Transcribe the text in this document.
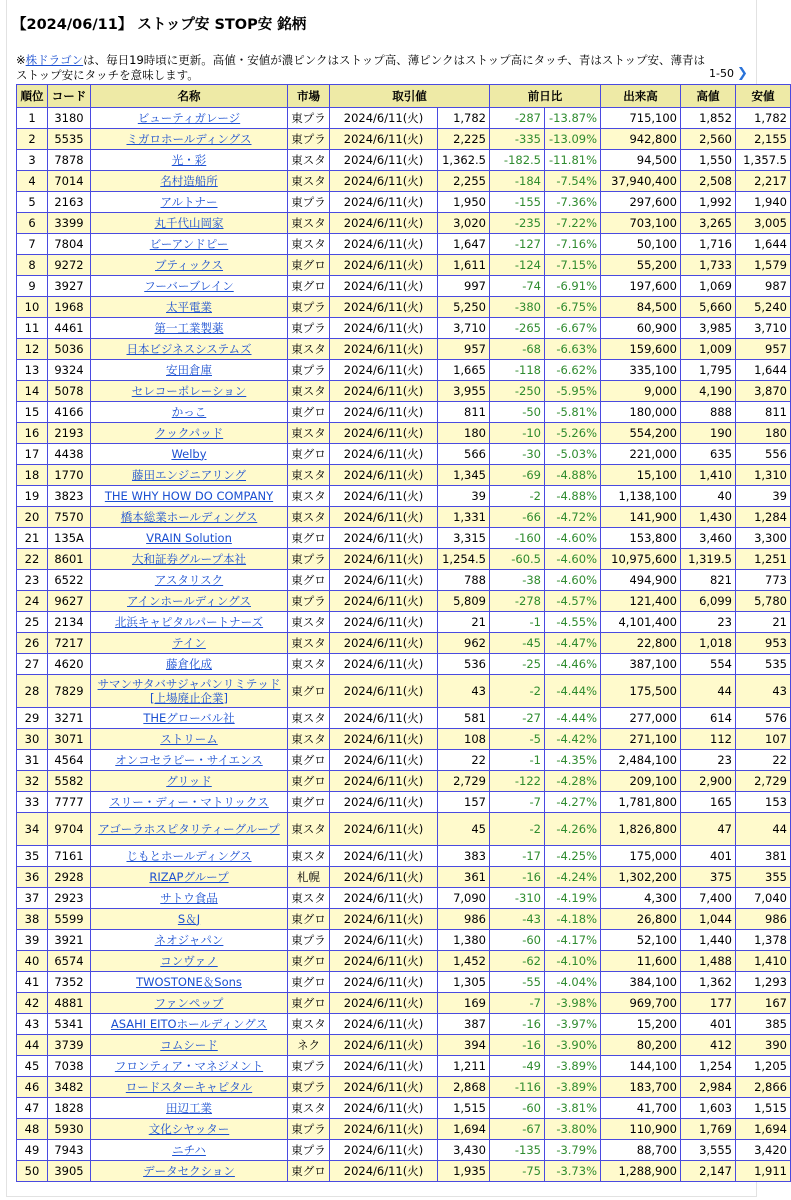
【2024/06/11】 ストップ安 STOP安 銘柄
※株ドラゴンは、毎日19時頃に更新。高値・安値が濃ピンクはストップ高、薄ピンクはストップ高にタッチ、青はストップ安、薄青はストップ安にタッチを意味します。	1-50 ❯
順位	コード	名称	市場	取引値		前日比		出来高	高値	安値
1	3180	ビューティガレージ	東プラ	2024/6/11(火)	1,782	-287	-13.87%	715,100	1,852	1,782
2	5535	ミガロホールディングス	東プラ	2024/6/11(火)	2,225	-335	-13.09%	942,800	2,560	2,155
3	7878	光・彩	東スタ	2024/6/11(火)	1,362.5	-182.5	-11.81%	94,500	1,550	1,357.5
4	7014	名村造船所	東スタ	2024/6/11(火)	2,255	-184	-7.54%	37,940,400	2,508	2,217
5	2163	アルトナー	東プラ	2024/6/11(火)	1,950	-155	-7.36%	297,600	1,992	1,940
6	3399	丸千代山岡家	東スタ	2024/6/11(火)	3,020	-235	-7.22%	703,100	3,265	3,005
7	7804	ビーアンドピー	東スタ	2024/6/11(火)	1,647	-127	-7.16%	50,100	1,716	1,644
8	9272	ブティックス	東グロ	2024/6/11(火)	1,611	-124	-7.15%	55,200	1,733	1,579
9	3927	フーバーブレイン	東グロ	2024/6/11(火)	997	-74	-6.91%	197,600	1,069	987
10	1968	太平電業	東プラ	2024/6/11(火)	5,250	-380	-6.75%	84,500	5,660	5,240
11	4461	第一工業製薬	東プラ	2024/6/11(火)	3,710	-265	-6.67%	60,900	3,985	3,710
12	5036	日本ビジネスシステムズ	東スタ	2024/6/11(火)	957	-68	-6.63%	159,600	1,009	957
13	9324	安田倉庫	東プラ	2024/6/11(火)	1,665	-118	-6.62%	335,100	1,795	1,644
14	5078	セレコーポレーション	東スタ	2024/6/11(火)	3,955	-250	-5.95%	9,000	4,190	3,870
15	4166	かっこ	東グロ	2024/6/11(火)	811	-50	-5.81%	180,000	888	811
16	2193	クックパッド	東スタ	2024/6/11(火)	180	-10	-5.26%	554,200	190	180
17	4438	Welby	東グロ	2024/6/11(火)	566	-30	-5.03%	221,000	635	556
18	1770	藤田エンジニアリング	東スタ	2024/6/11(火)	1,345	-69	-4.88%	15,100	1,410	1,310
19	3823	THE WHY HOW DO COMPANY	東スタ	2024/6/11(火)	39	-2	-4.88%	1,138,100	40	39
20	7570	橋本総業ホールディングス	東スタ	2024/6/11(火)	1,331	-66	-4.72%	141,900	1,430	1,284
21	135A	VRAIN Solution	東グロ	2024/6/11(火)	3,315	-160	-4.60%	153,800	3,460	3,300
22	8601	大和証券グループ本社	東プラ	2024/6/11(火)	1,254.5	-60.5	-4.60%	10,975,600	1,319.5	1,251
23	6522	アスタリスク	東グロ	2024/6/11(火)	788	-38	-4.60%	494,900	821	773
24	9627	アインホールディングス	東プラ	2024/6/11(火)	5,809	-278	-4.57%	121,400	6,099	5,780
25	2134	北浜キャピタルパートナーズ	東スタ	2024/6/11(火)	21	-1	-4.55%	4,101,400	23	21
26	7217	テイン	東スタ	2024/6/11(火)	962	-45	-4.47%	22,800	1,018	953
27	4620	藤倉化成	東スタ	2024/6/11(火)	536	-25	-4.46%	387,100	554	535
28	7829	サマンサタバサジャパンリミテッド[上場廃止企業]	東グロ	2024/6/11(火)	43	-2	-4.44%	175,500	44	43
29	3271	THEグローバル社	東スタ	2024/6/11(火)	581	-27	-4.44%	277,000	614	576
30	3071	ストリーム	東スタ	2024/6/11(火)	108	-5	-4.42%	271,100	112	107
31	4564	オンコセラピー・サイエンス	東グロ	2024/6/11(火)	22	-1	-4.35%	2,484,100	23	22
32	5582	グリッド	東グロ	2024/6/11(火)	2,729	-122	-4.28%	209,100	2,900	2,729
33	7777	スリー・ディー・マトリックス	東グロ	2024/6/11(火)	157	-7	-4.27%	1,781,800	165	153
34	9704	アゴーラホスピタリティーグループ	東スタ	2024/6/11(火)	45	-2	-4.26%	1,826,800	47	44
35	7161	じもとホールディングス	東スタ	2024/6/11(火)	383	-17	-4.25%	175,000	401	381
36	2928	RIZAPグループ	札幌	2024/6/11(火)	361	-16	-4.24%	1,302,200	375	355
37	2923	サトウ食品	東スタ	2024/6/11(火)	7,090	-310	-4.19%	4,300	7,400	7,040
38	5599	S＆J	東グロ	2024/6/11(火)	986	-43	-4.18%	26,800	1,044	986
39	3921	ネオジャパン	東プラ	2024/6/11(火)	1,380	-60	-4.17%	52,100	1,440	1,378
40	6574	コンヴァノ	東グロ	2024/6/11(火)	1,452	-62	-4.10%	11,600	1,488	1,410
41	7352	TWOSTONE＆Sons	東グロ	2024/6/11(火)	1,305	-55	-4.04%	384,100	1,362	1,293
42	4881	ファンペップ	東グロ	2024/6/11(火)	169	-7	-3.98%	969,700	177	167
43	5341	ASAHI EITOホールディングス	東スタ	2024/6/11(火)	387	-16	-3.97%	15,200	401	385
44	3739	コムシード	ネク	2024/6/11(火)	394	-16	-3.90%	80,200	412	390
45	7038	フロンティア・マネジメント	東プラ	2024/6/11(火)	1,211	-49	-3.89%	144,100	1,254	1,205
46	3482	ロードスターキャピタル	東プラ	2024/6/11(火)	2,868	-116	-3.89%	183,700	2,984	2,866
47	1828	田辺工業	東スタ	2024/6/11(火)	1,515	-60	-3.81%	41,700	1,603	1,515
48	5930	文化シヤッター	東プラ	2024/6/11(火)	1,694	-67	-3.80%	110,900	1,769	1,694
49	7943	ニチハ	東プラ	2024/6/11(火)	3,430	-135	-3.79%	88,700	3,555	3,420
50	3905	データセクション	東グロ	2024/6/11(火)	1,935	-75	-3.73%	1,288,900	2,147	1,911
